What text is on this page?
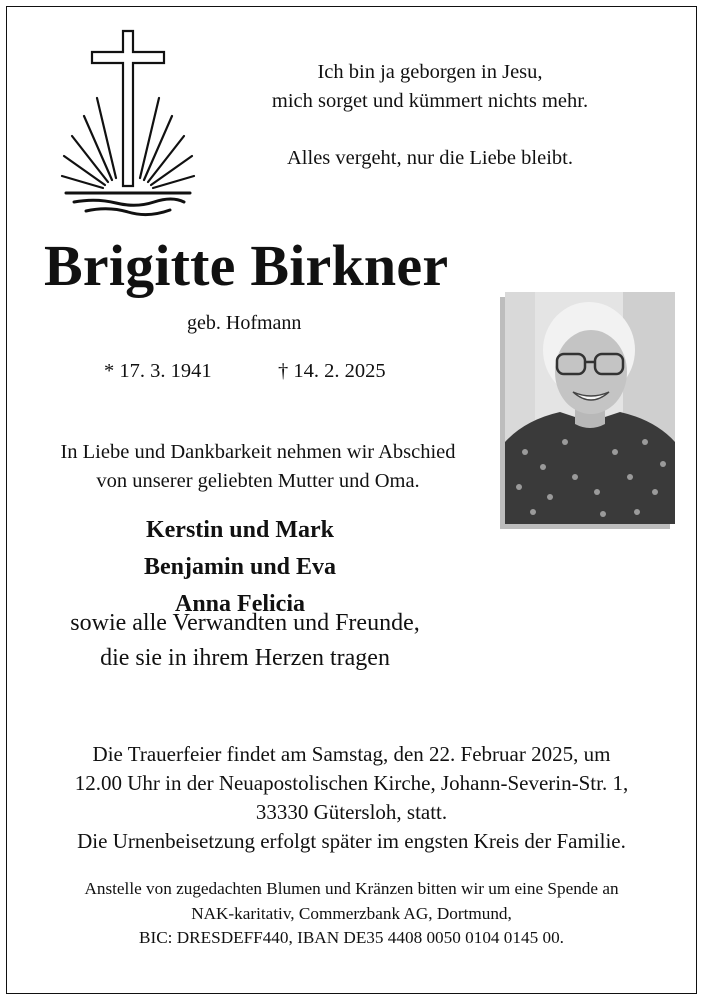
Ich bin ja geborgen in Jesu,
mich sorget und kümmert nichts mehr.
Alles vergeht, nur die Liebe bleibt.
Brigitte Birkner
geb. Hofmann
* 17. 3. 1941	† 14. 2. 2025
In Liebe und Dankbarkeit nehmen wir Abschied
von unserer geliebten Mutter und Oma.
Kerstin und Mark
Benjamin und Eva
Anna Felicia
sowie alle Verwandten und Freunde,
die sie in ihrem Herzen tragen
Die Trauerfeier findet am Samstag, den 22. Februar 2025, um
12.00 Uhr in der Neuapostolischen Kirche, Johann-Severin-Str. 1,
33330 Gütersloh, statt.
Die Urnenbeisetzung erfolgt später im engsten Kreis der Familie.
Anstelle von zugedachten Blumen und Kränzen bitten wir um eine Spende an
NAK-karitativ, Commerzbank AG, Dortmund,
BIC: DRESDEFF440, IBAN DE35 4408 0050 0104 0145 00.
